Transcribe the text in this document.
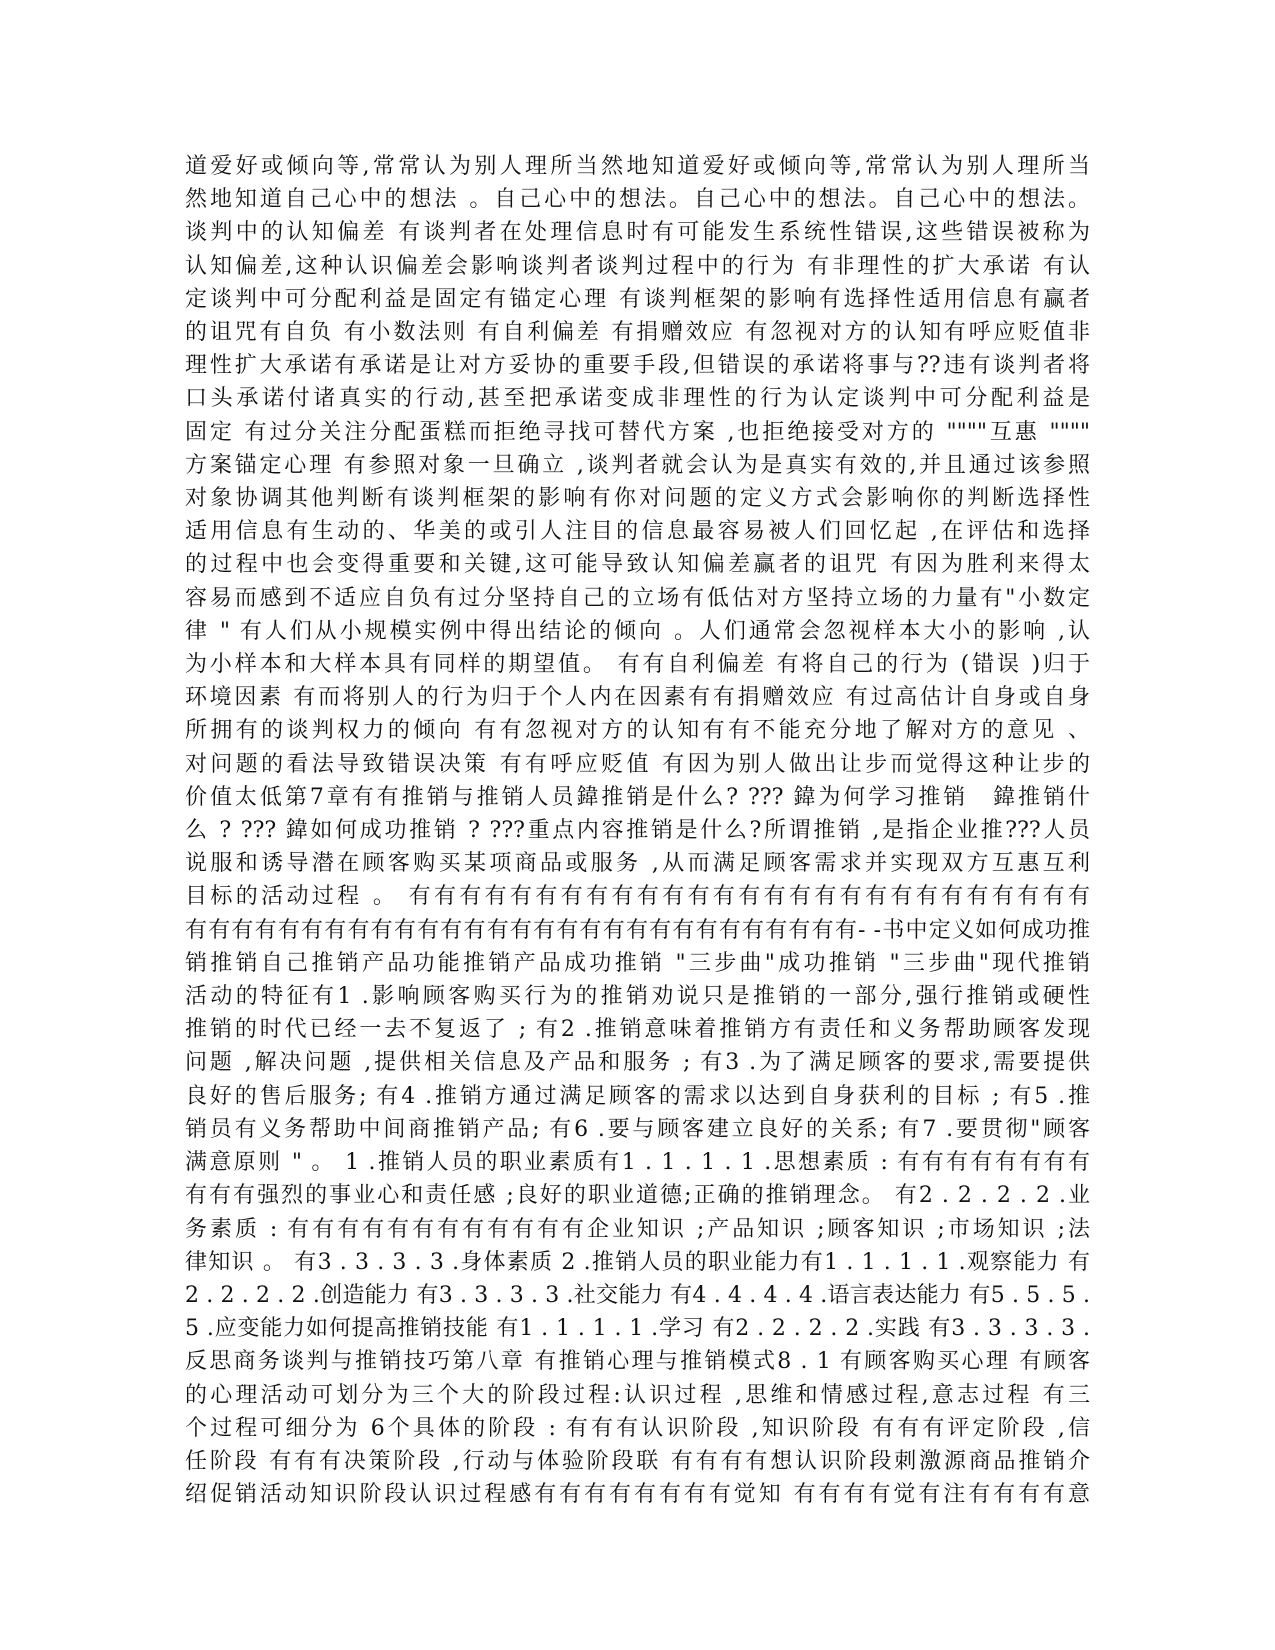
道爱好或倾向等,常常认为别人理所当然地知道爱好或倾向等,常常认为别人理所当
然地知道自己心中的想法 。自己心中的想法。自己心中的想法。自己心中的想法。
谈判中的认知偏差 有谈判者在处理信息时有可能发生系统性错误,这些错误被称为
认知偏差,这种认识偏差会影响谈判者谈判过程中的行为 有非理性的扩大承诺 有认
定谈判中可分配利益是固定有锚定心理 有谈判框架的影响有选择性适用信息有赢者
的诅咒有自负 有小数法则 有自利偏差 有捐赠效应 有忽视对方的认知有呼应贬值非
理性扩大承诺有承诺是让对方妥协的重要手段,但错误的承诺将事与??违有谈判者将
口头承诺付诸真实的行动,甚至把承诺变成非理性的行为认定谈判中可分配利益是
固定 有过分关注分配蛋糕而拒绝寻找可替代方案 ,也拒绝接受对方的 """"互惠 """"
方案锚定心理 有参照对象一旦确立 ,谈判者就会认为是真实有效的,并且通过该参照
对象协调其他判断有谈判框架的影响有你对问题的定义方式会影响你的判断选择性
适用信息有生动的、华美的或引人注目的信息最容易被人们回忆起 ,在评估和选择
的过程中也会变得重要和关键,这可能导致认知偏差赢者的诅咒 有因为胜利来得太
容易而感到不适应自负有过分坚持自己的立场有低估对方坚持立场的力量有"小数定
律 " 有人们从小规模实例中得出结论的倾向 。人们通常会忽视样本大小的影响 ,认
为小样本和大样本具有同样的期望值。 有有自利偏差 有将自己的行为 (错误 )归于
环境因素 有而将别人的行为归于个人内在因素有有捐赠效应 有过高估计自身或自身
所拥有的谈判权力的倾向 有有忽视对方的认知有有不能充分地了解对方的意见 、
对问题的看法导致错误决策 有有呼应贬值 有因为别人做出让步而觉得这种让步的
价值太低第7章有有推销与推销人员鍏推销是什么? ??? 鍏为何学习推销　鍏推销什
么 ? ??? 鍏如何成功推销 ? ???重点内容推销是什么?所谓推销 ,是指企业推???人员
说服和诱导潜在顾客购买某项商品或服务 ,从而满足顾客需求并实现双方互惠互利
目标的活动过程 。 有有有有有有有有有有有有有有有有有有有有有有有有有有有
有有有有有有有有有有有有有有有有有有有有有有有有有有有有有- -书中定义如何成功推
销推销自己推销产品功能推销产品成功推销 "三步曲"成功推销 "三步曲"现代推销
活动的特征有1 .影响顾客购买行为的推销劝说只是推销的一部分,强行推销或硬性
推销的时代已经一去不复返了 ; 有2 .推销意味着推销方有责任和义务帮助顾客发现
问题 ,解决问题 ,提供相关信息及产品和服务 ; 有3 .为了满足顾客的要求,需要提供
良好的售后服务; 有4 .推销方通过满足顾客的需求以达到自身获利的目标 ; 有5 .推
销员有义务帮助中间商推销产品; 有6 .要与顾客建立良好的关系; 有7 .要贯彻"顾客
满意原则 " 。 1 .推销人员的职业素质有1 . 1 . 1 . 1 .思想素质 : 有有有有有有有有
有有有强烈的事业心和责任感 ;良好的职业道德;正确的推销理念。 有2 . 2 . 2 . 2 .业
务素质 : 有有有有有有有有有有有有企业知识 ;产品知识 ;顾客知识 ;市场知识 ;法
律知识 。 有3 . 3 . 3 . 3 .身体素质 2 .推销人员的职业能力有1 . 1 . 1 . 1 .观察能力 有
2 . 2 . 2 . 2 .创造能力 有3 . 3 . 3 . 3 .社交能力 有4 . 4 . 4 . 4 .语言表达能力 有5 . 5 . 5 .
5 .应变能力如何提高推销技能 有1 . 1 . 1 . 1 .学习 有2 . 2 . 2 . 2 .实践 有3 . 3 . 3 . 3 .
反思商务谈判与推销技巧第八章 有推销心理与推销模式8 . 1 有顾客购买心理 有顾客
的心理活动可划分为三个大的阶段过程:认识过程 ,思维和情感过程,意志过程 有三
个过程可细分为 6个具体的阶段 : 有有有认识阶段 ,知识阶段 有有有评定阶段 ,信
任阶段 有有有决策阶段 ,行动与体验阶段联 有有有有想认识阶段刺激源商品推销介
绍促销活动知识阶段认识过程感有有有有有有有有觉知 有有有有觉有注有有有有意
